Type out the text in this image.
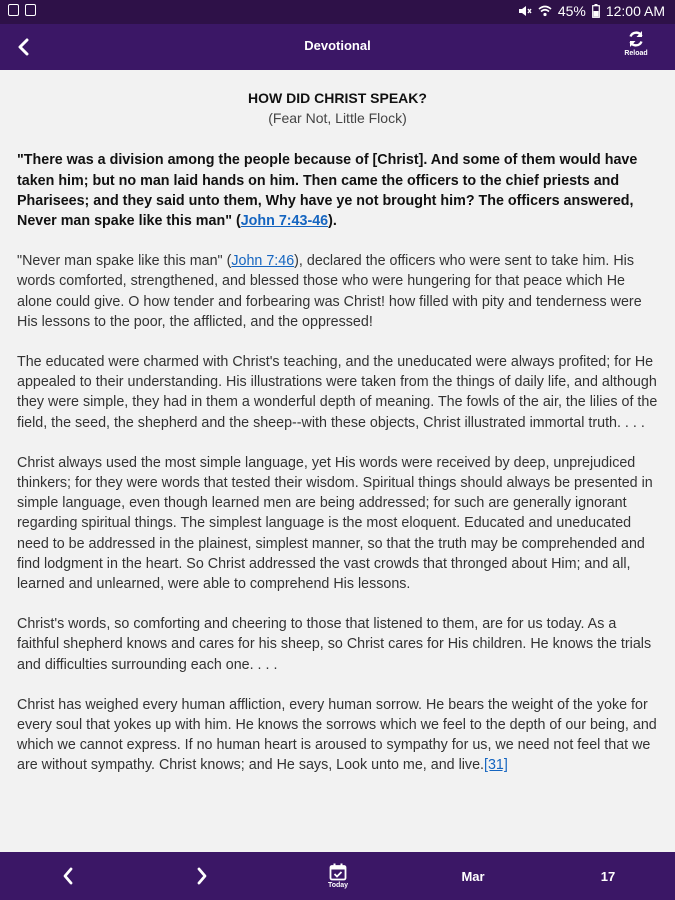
45% 12:00 AM
Devotional
Reload
HOW DID CHRIST SPEAK?
(Fear Not, Little Flock)

"There was a division among the people because of [Christ]. And some of them would have taken him; but no man laid hands on him. Then came the officers to the chief priests and Pharisees; and they said unto them, Why have ye not brought him? The officers answered, Never man spake like this man" (John 7:43-46).

"Never man spake like this man" (John 7:46), declared the officers who were sent to take him. His words comforted, strengthened, and blessed those who were hungering for that peace which He alone could give. O how tender and forbearing was Christ! how filled with pity and tenderness were His lessons to the poor, the afflicted, and the oppressed!

The educated were charmed with Christ's teaching, and the uneducated were always profited; for He appealed to their understanding. His illustrations were taken from the things of daily life, and although they were simple, they had in them a wonderful depth of meaning. The fowls of the air, the lilies of the field, the seed, the shepherd and the sheep--with these objects, Christ illustrated immortal truth. . . .

Christ always used the most simple language, yet His words were received by deep, unprejudiced thinkers; for they were words that tested their wisdom. Spiritual things should always be presented in simple language, even though learned men are being addressed; for such are generally ignorant regarding spiritual things. The simplest language is the most eloquent. Educated and uneducated need to be addressed in the plainest, simplest manner, so that the truth may be comprehended and find lodgment in the heart. So Christ addressed the vast crowds that thronged about Him; and all, learned and unlearned, were able to comprehend His lessons.

Christ's words, so comforting and cheering to those that listened to them, are for us today. As a faithful shepherd knows and cares for his sheep, so Christ cares for His children. He knows the trials and difficulties surrounding each one. . . .

Christ has weighed every human affliction, every human sorrow. He bears the weight of the yoke for every soul that yokes up with him. He knows the sorrows which we feel to the depth of our being, and which we cannot express. If no human heart is aroused to sympathy for us, we need not feel that we are without sympathy. Christ knows; and He says, Look unto me, and live.[31]

Today
Mar	17
